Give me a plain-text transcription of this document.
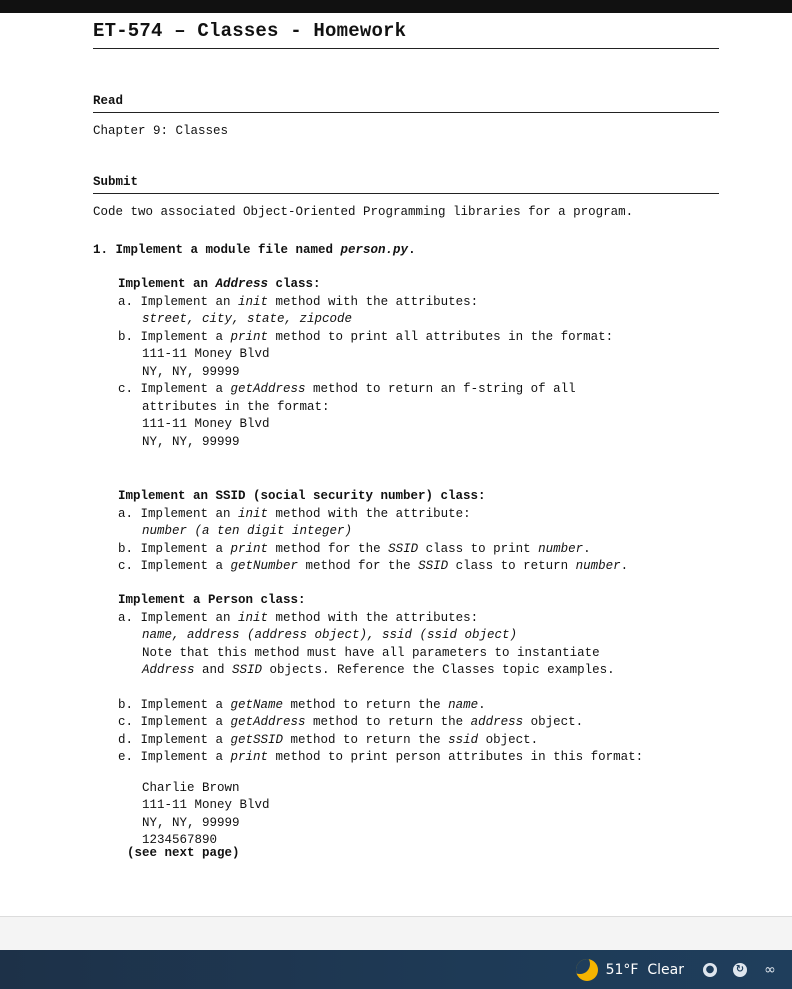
ET-574 – Classes - Homework
Read
Chapter 9: Classes
Submit
Code two associated Object-Oriented Programming libraries for a program.
1. Implement a module file named person.py.
Implement an Address class:
a. Implement an init method with the attributes:
street, city, state, zipcode
b. Implement a print method to print all attributes in the format:
111-11 Money Blvd
NY, NY, 99999
c. Implement a getAddress method to return an f-string of all
attributes in the format:
111-11 Money Blvd
NY, NY, 99999
Implement an SSID (social security number) class:
a. Implement an init method with the attribute:
number (a ten digit integer)
b. Implement a print method for the SSID class to print number.
c. Implement a getNumber method for the SSID class to return number.
Implement a Person class:
a. Implement an init method with the attributes:
name, address (address object), ssid (ssid object)
Note that this method must have all parameters to instantiate
Address and SSID objects. Reference the Classes topic examples.
b. Implement a getName method to return the name.
c. Implement a getAddress method to return the address object.
d. Implement a getSSID method to return the ssid object.
e. Implement a print method to print person attributes in this format:
Charlie Brown
111-11 Money Blvd
NY, NY, 99999
1234567890
(see next page)
51°F  Clear ● ↻ ∞
